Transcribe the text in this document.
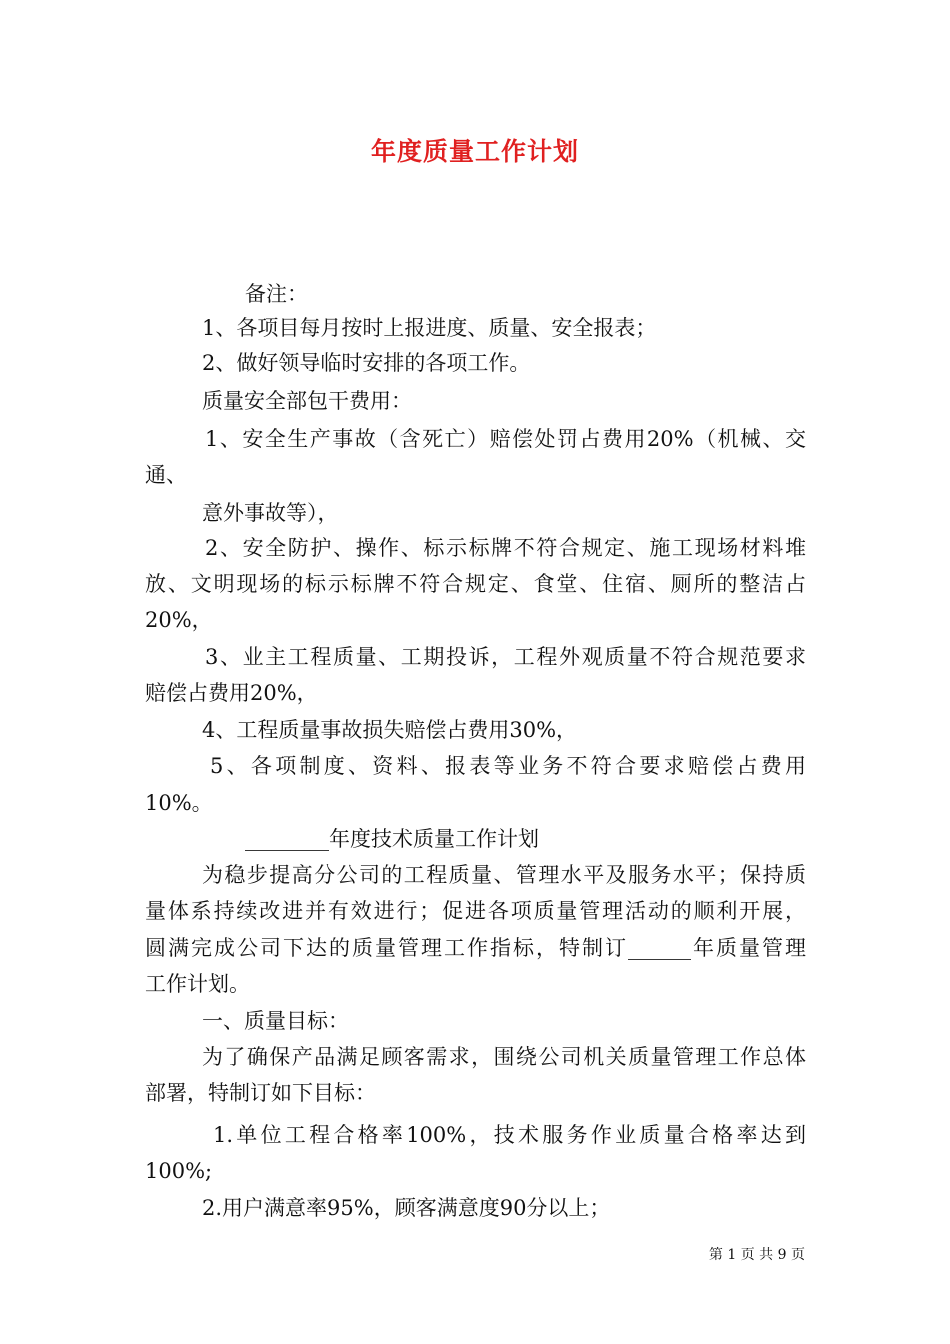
年度质量工作计划
备注：
1、各项目每月按时上报进度、质量、安全报表；
2、做好领导临时安排的各项工作。
质量安全部包干费用：
1、安全生产事故（含死亡）赔偿处罚占费用20%（机械、交
通、
意外事故等），
2、安全防护、操作、标示标牌不符合规定、施工现场材料堆
放、文明现场的标示标牌不符合规定、食堂、住宿、厕所的整洁占
20%，
3、业主工程质量、工期投诉，工程外观质量不符合规范要求
赔偿占费用20%，
4、工程质量事故损失赔偿占费用30%，
5、各项制度、资料、报表等业务不符合要求赔偿占费用
10%。
________年度技术质量工作计划
为稳步提高分公司的工程质量、管理水平及服务水平；保持质
量体系持续改进并有效进行；促进各项质量管理活动的顺利开展，
圆满完成公司下达的质量管理工作指标，特制订______年质量管理
工作计划。
一、质量目标：
为了确保产品满足顾客需求，围绕公司机关质量管理工作总体
部署，特制订如下目标：
1.单位工程合格率100%，技术服务作业质量合格率达到
100%;
2.用户满意率95%，顾客满意度90分以上；
第 1 页 共 9 页
